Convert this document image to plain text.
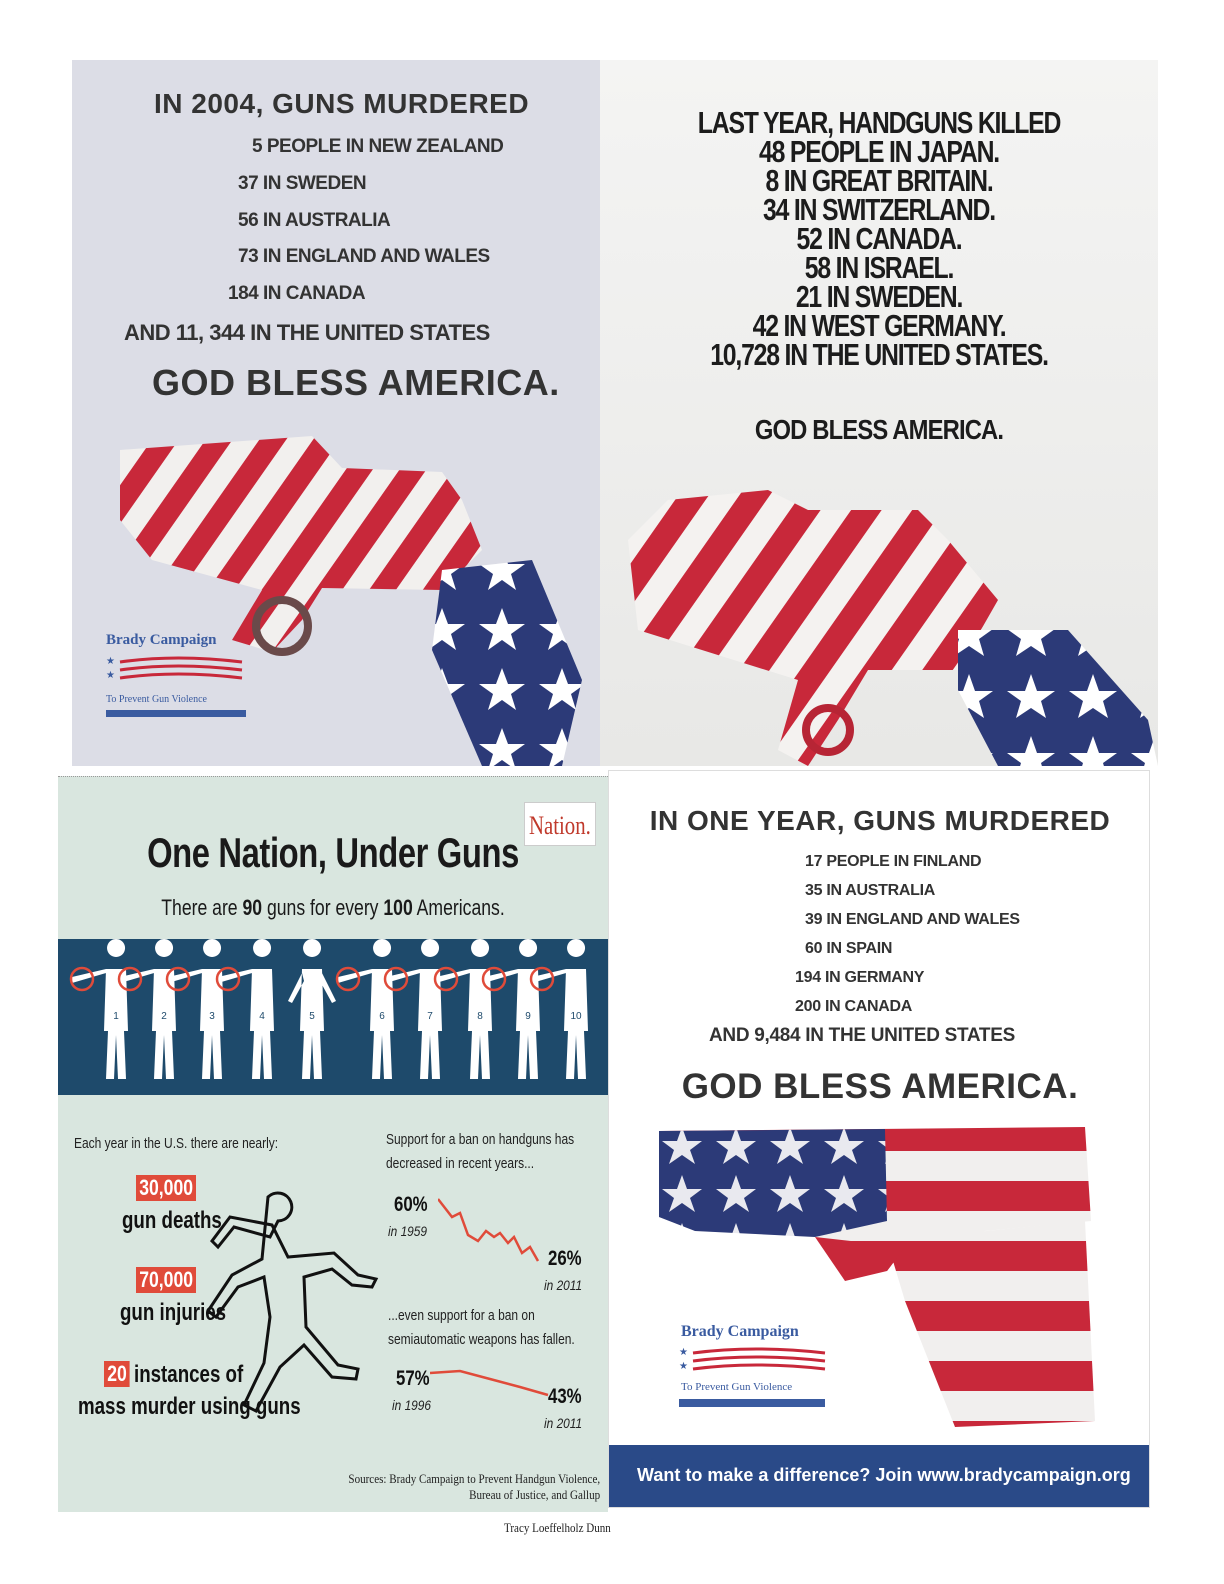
IN 2004, GUNS MURDERED
5 PEOPLE IN NEW ZEALAND
37 IN SWEDEN
56 IN AUSTRALIA
73 IN ENGLAND AND WALES
184 IN CANADA
AND 11, 344 IN THE UNITED STATES
GOD BLESS AMERICA.
Brady Campaign
★
★
To Prevent Gun Violence
LAST YEAR, HANDGUNS KILLED
48 PEOPLE IN JAPAN.
8 IN GREAT BRITAIN.
34 IN SWITZERLAND.
52 IN CANADA.
58 IN ISRAEL.
21 IN SWEDEN.
42 IN WEST GERMANY.
10,728 IN THE UNITED STATES.
GOD BLESS AMERICA.
Nation.
One Nation, Under Guns
There are 90 guns for every 100 Americans.
1	2	3	4	5	6	7	8	9	10
Each year in the U.S. there are nearly:
30,000
gun deaths
70,000
gun injuries
20 instances of
mass murder using guns
Support for a ban on handguns has
decreased in recent years...
60%
in 1959
26%
in 2011
...even support for a ban on
semiautomatic weapons has fallen.
57%
in 1996	43%
in 2011
Sources: Brady Campaign to Prevent Handgun Violence,
Bureau of Justice, and Gallup
Tracy Loeffelholz Dunn
IN ONE YEAR, GUNS MURDERED
17 PEOPLE IN FINLAND
35 IN AUSTRALIA
39 IN ENGLAND AND WALES
60 IN SPAIN
194 IN GERMANY
200 IN CANADA
AND 9,484 IN THE UNITED STATES
GOD BLESS AMERICA.
Brady Campaign
★
★
To Prevent Gun Violence
Want to make a difference? Join www.bradycampaign.org
